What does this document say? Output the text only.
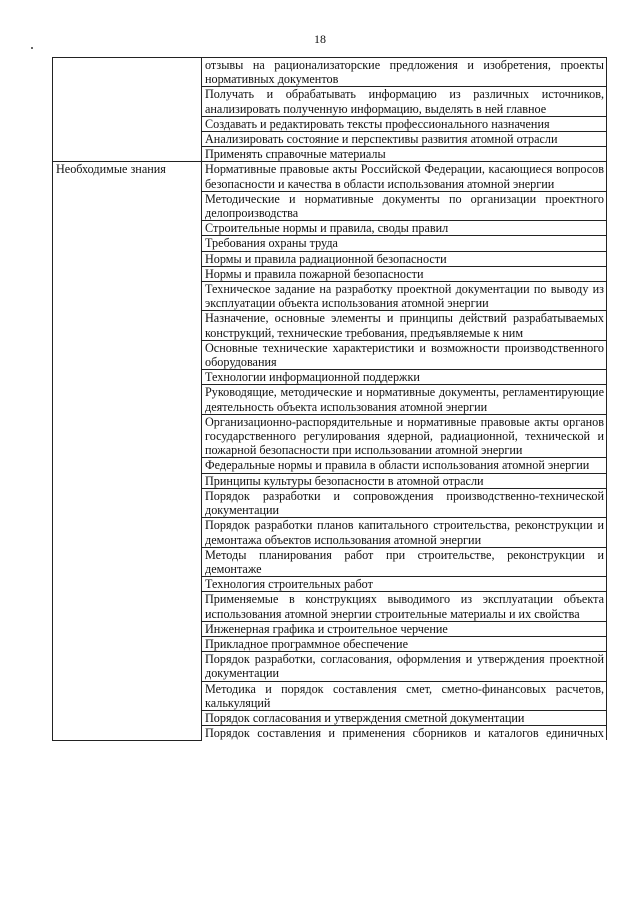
18
	отзывы на рационализаторские предложения и изобретения, проекты нормативных документов
	Получать и обрабатывать информацию из различных источников, анализировать полученную информацию, выделять в ней главное
	Создавать и редактировать тексты профессионального назначения
	Анализировать состояние и перспективы развития атомной отрасли
	Применять справочные материалы
Необходимые знания	Нормативные правовые акты Российской Федерации, касающиеся вопросов безопасности и качества в области использования атомной энергии
	Методические и нормативные документы по организации проектного делопроизводства
	Строительные нормы и правила, своды правил
	Требования охраны труда
	Нормы и правила радиационной безопасности
	Нормы и правила пожарной безопасности
	Техническое задание на разработку проектной документации по выводу из эксплуатации объекта использования атомной энергии
	Назначение, основные элементы и принципы действий разрабатываемых конструкций, технические требования, предъявляемые к ним
	Основные технические характеристики и возможности производственного оборудования
	Технологии информационной поддержки
	Руководящие, методические и нормативные документы, регламентирующие деятельность объекта использования атомной энергии
	Организационно-распорядительные и нормативные правовые акты органов государственного регулирования ядерной, радиационной, технической и пожарной безопасности при использовании атомной энергии
	Федеральные нормы и правила в области использования атомной энергии
	Принципы культуры безопасности в атомной отрасли
	Порядок разработки и сопровождения производственно-технической документации
	Порядок разработки планов капитального строительства, реконструкции и демонтажа объектов использования атомной энергии
	Методы планирования работ при строительстве, реконструкции и демонтаже
	Технология строительных работ
	Применяемые в конструкциях выводимого из эксплуатации объекта использования атомной энергии строительные материалы и их свойства
	Инженерная графика и строительное черчение
	Прикладное программное обеспечение
	Порядок разработки, согласования, оформления и утверждения проектной документации
	Методика и порядок составления смет, сметно-финансовых расчетов, калькуляций
	Порядок согласования и утверждения сметной документации
	Порядок составления и применения сборников и каталогов единичных
